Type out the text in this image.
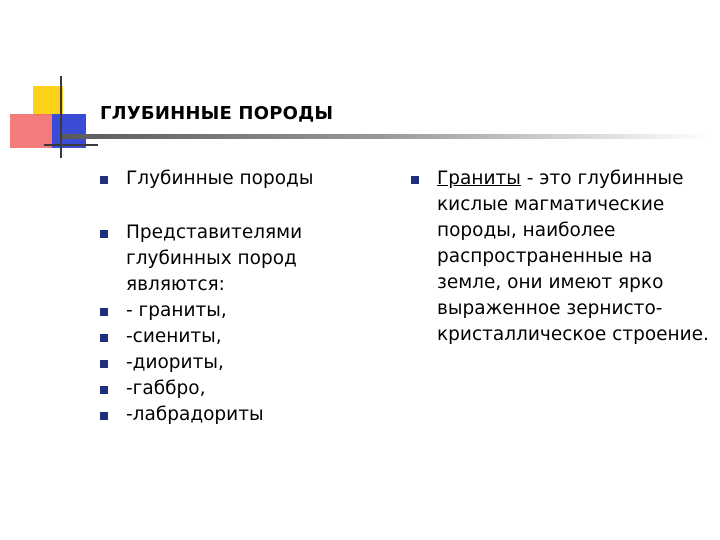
ГЛУБИННЫЕ ПОРОДЫ
Глубинные породы
Представителями глубинных пород являются:
- граниты,
-сиениты,
-диориты,
-габбро,
-лабрадориты
Граниты - это глубинные кислые магматические породы, наиболее распространенные на земле, они имеют ярко выраженное зернисто-кристаллическое строение.
